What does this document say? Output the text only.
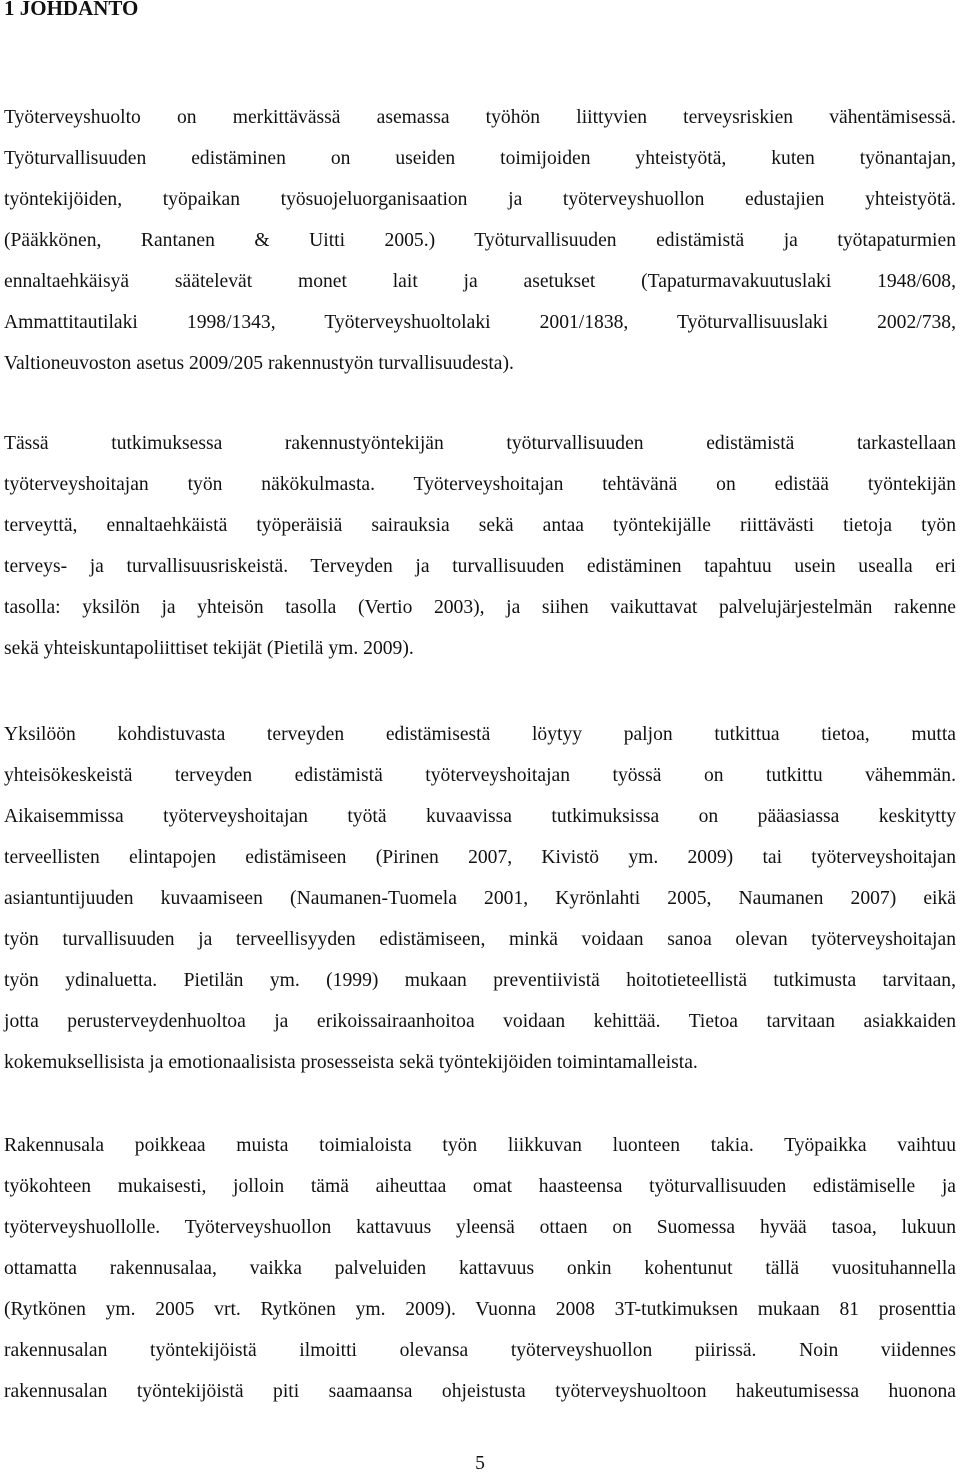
1 JOHDANTO
Työterveyshuolto on merkittävässä asemassa työhön liittyvien terveysriskien vähentämisessä.
Työturvallisuuden edistäminen on useiden toimijoiden yhteistyötä, kuten työnantajan,
työntekijöiden, työpaikan työsuojeluorganisaation ja työterveyshuollon edustajien yhteistyötä.
(Pääkkönen, Rantanen & Uitti 2005.) Työturvallisuuden edistämistä ja työtapaturmien
ennaltaehkäisyä säätelevät monet lait ja asetukset (Tapaturmavakuutuslaki 1948/608,
Ammattitautilaki 1998/1343, Työterveyshuoltolaki 2001/1838, Työturvallisuuslaki 2002/738,
Valtioneuvoston asetus 2009/205 rakennustyön turvallisuudesta).
Tässä tutkimuksessa rakennustyöntekijän työturvallisuuden edistämistä tarkastellaan
työterveyshoitajan työn näkökulmasta. Työterveyshoitajan tehtävänä on edistää työntekijän
terveyttä, ennaltaehkäistä työperäisiä sairauksia sekä antaa työntekijälle riittävästi tietoja työn
terveys- ja turvallisuusriskeistä. Terveyden ja turvallisuuden edistäminen tapahtuu usein usealla eri
tasolla: yksilön ja yhteisön tasolla (Vertio 2003), ja siihen vaikuttavat palvelujärjestelmän rakenne
sekä yhteiskuntapoliittiset tekijät (Pietilä ym. 2009).
Yksilöön kohdistuvasta terveyden edistämisestä löytyy paljon tutkittua tietoa, mutta
yhteisökeskeistä terveyden edistämistä työterveyshoitajan työssä on tutkittu vähemmän.
Aikaisemmissa työterveyshoitajan työtä kuvaavissa tutkimuksissa on pääasiassa keskitytty
terveellisten elintapojen edistämiseen (Pirinen 2007, Kivistö ym. 2009) tai työterveyshoitajan
asiantuntijuuden kuvaamiseen (Naumanen-Tuomela 2001, Kyrönlahti 2005, Naumanen 2007) eikä
työn turvallisuuden ja terveellisyyden edistämiseen, minkä voidaan sanoa olevan työterveyshoitajan
työn ydinaluetta. Pietilän ym. (1999) mukaan preventiivistä hoitotieteellistä tutkimusta tarvitaan,
jotta perusterveydenhuoltoa ja erikoissairaanhoitoa voidaan kehittää. Tietoa tarvitaan asiakkaiden
kokemuksellisista ja emotionaalisista prosesseista sekä työntekijöiden toimintamalleista.
Rakennusala poikkeaa muista toimialoista työn liikkuvan luonteen takia. Työpaikka vaihtuu
työkohteen mukaisesti, jolloin tämä aiheuttaa omat haasteensa työturvallisuuden edistämiselle ja
työterveyshuollolle. Työterveyshuollon kattavuus yleensä ottaen on Suomessa hyvää tasoa, lukuun
ottamatta rakennusalaa, vaikka palveluiden kattavuus onkin kohentunut tällä vuosituhannella
(Rytkönen ym. 2005 vrt. Rytkönen ym. 2009). Vuonna 2008 3T-tutkimuksen mukaan 81 prosenttia
rakennusalan työntekijöistä ilmoitti olevansa työterveyshuollon piirissä. Noin viidennes
rakennusalan työntekijöistä piti saamaansa ohjeistusta työterveyshuoltoon hakeutumisessa huonona
5
